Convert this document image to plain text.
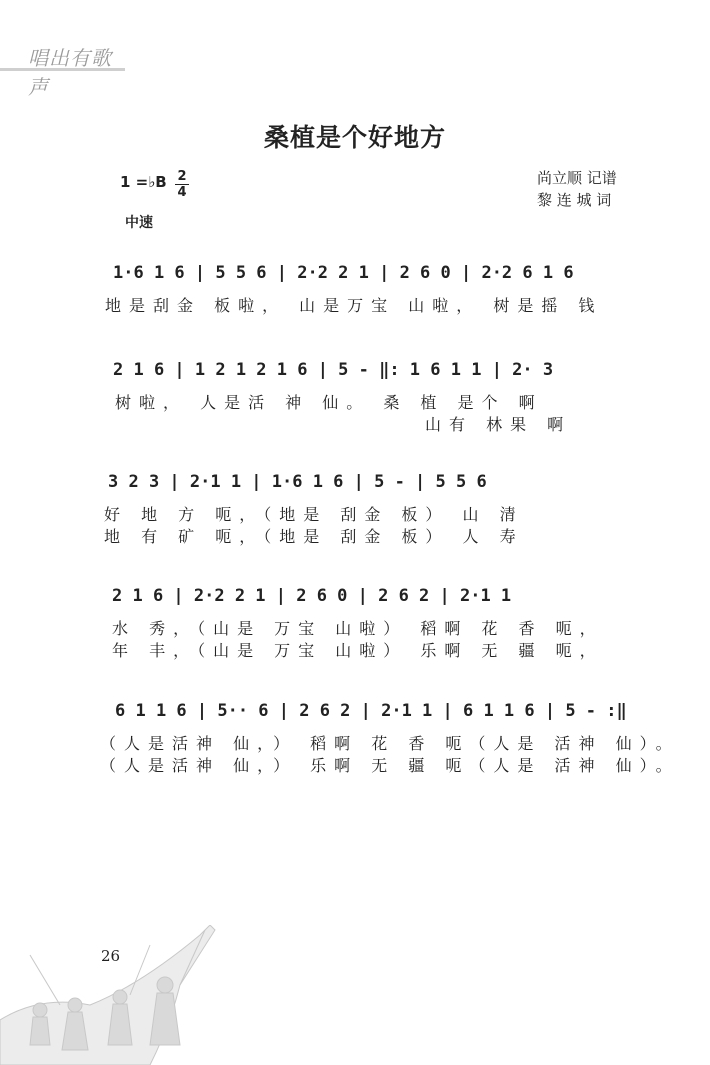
唱出有歌声
桑植是个好地方
尚立顺 记谱
黎 连 城 词
1 =♭B 2
4
中速
1·6 1 6 | 5 5 6 | 2·2 2 1 | 2 6 0 | 2·2 6 1 6
地是刮金 板啦， 山是万宝 山啦， 树是摇 钱
2 1 6 | 1 2 1 2 1 6 | 5 - ‖: 1 6 1 1 | 2· 3
树啦， 人是活 神 仙。 桑 植 是个 啊
山有 林果 啊
3 2 3 | 2·1 1 | 1·6 1 6 | 5 - | 5 5 6
好 地 方 呃，（地是 刮金 板） 山 清
地 有 矿 呃，（地是 刮金 板） 人 寿
2 1 6 | 2·2 2 1 | 2 6 0 | 2 6 2 | 2·1 1
水 秀，（山是 万宝 山啦） 稻啊 花 香 呃，
年 丰，（山是 万宝 山啦） 乐啊 无 疆 呃，
6 1 1 6 | 5·· 6 | 2 6 2 | 2·1 1 | 6 1 1 6 | 5 - :‖
（人是活神 仙，） 稻啊 花 香 呃（人是 活神 仙）。
（人是活神 仙，） 乐啊 无 疆 呃（人是 活神 仙）。
26
